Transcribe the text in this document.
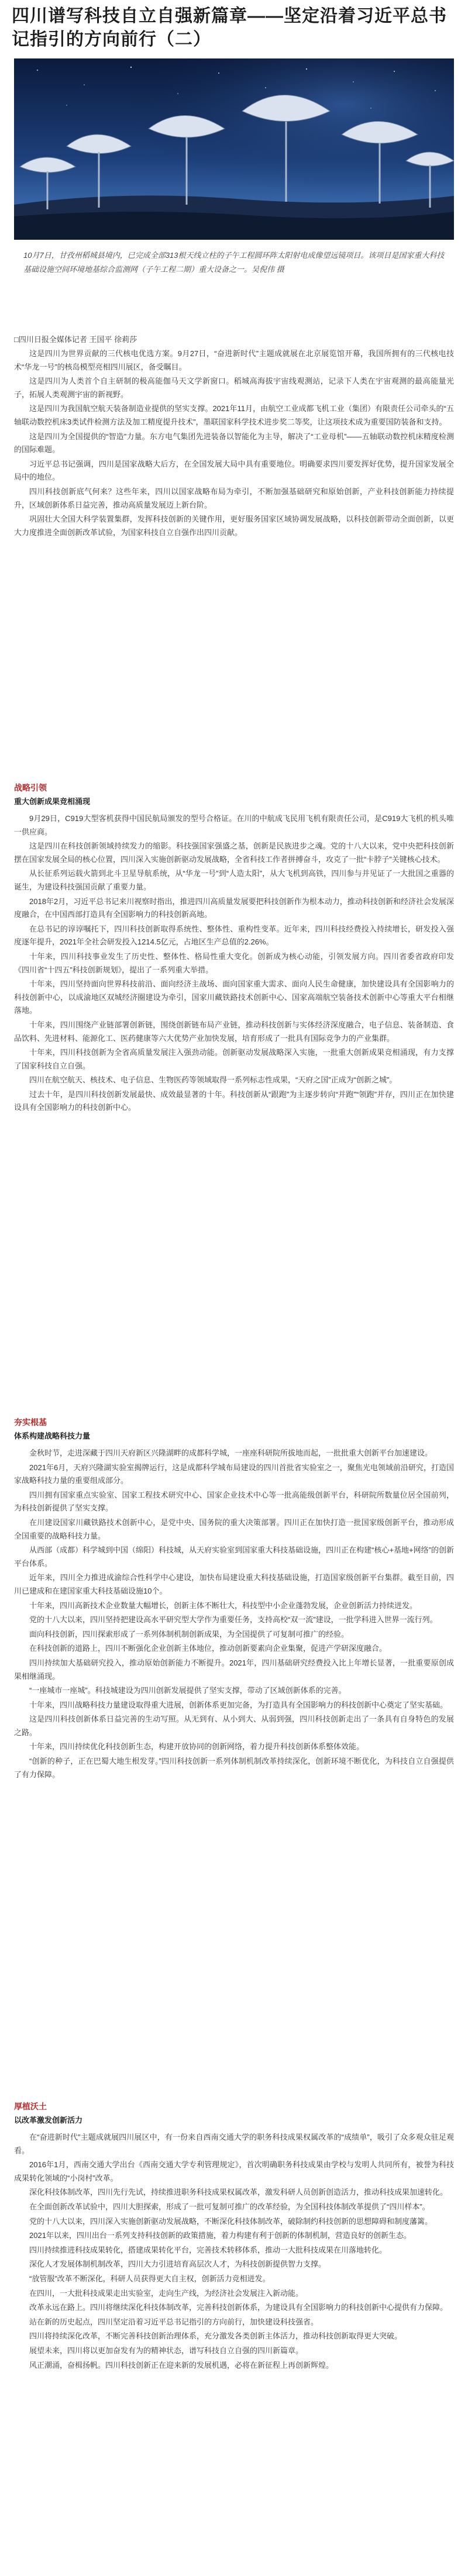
四川谱写科技自立自强新篇章——坚定沿着习近平总书记指引的方向前行（二）
10月7日，甘孜州稻城县境内，已完成全部313根天线立柱的子午工程圆环阵太阳射电成像望远镜项目。该项目是国家重大科技基础设施空间环境地基综合监测网（子午工程二期）重大设备之一。吴倪伟 摄
□四川日报全媒体记者 王国平 徐莉莎

这是四川为世界贡献的三代核电优选方案。9月27日，“奋进新时代”主题成就展在北京展览馆开幕，我国所拥有的三代核电技术“华龙一号”的核岛模型亮相四川展区，备受瞩目。

这是四川为人类首个自主研制的极高能伽马天文学新窗口。稻城高海拔宇宙线观测站，记录下人类在宇宙观测的最高能量光子，拓展人类观测宇宙的新视野。

这是四川为我国航空航天装备制造业提供的坚实支撑。2021年11月，由航空工业成都飞机工业（集团）有限责任公司牵头的“五轴联动数控机床3类试件检测方法及加工精度提升技术”，墨联国家科学技术进步奖二等奖，让这项技术成为重要国防装备和支持。

这是四川为全国提供的“智造”力量。东方电气集团先进装备以智能化为主导，解决了“工业母机”——五轴联动数控机床精度检测的国际难题。

习近平总书记强调，四川是国家战略大后方，在全国发展大局中具有重要地位。明确要求四川要发挥好优势，提升国家发展全局中的地位。

四川科技创新底气何来？这些年来，四川以国家战略布局为牵引，不断加强基础研究和原始创新，产业科技创新能力持续提升，区域创新体系日益完善，推动高质量发展迈上新台阶。

巩固壮大全国大科学装置集群，发挥科技创新的关键作用，更好服务国家区域协调发展战略，以科技创新带动全面创新，以更大力度推进全面创新改革试验，为国家科技自立自强作出四川贡献。

战略引领
重大创新成果竞相涌现

9月29日，C919大型客机获得中国民航局颁发的型号合格证。在川的中航成飞民用飞机有限责任公司，是C919大飞机的机头唯一供应商。

这是四川在科技创新领域持续发力的缩影。科技强国家强盛之基，创新是民族进步之魂。党的十八大以来，党中央把科技创新摆在国家发展全局的核心位置，四川深入实施创新驱动发展战略，全省科技工作者拼搏奋斗，攻克了一批“卡脖子”关键核心技术。

从长征系列运载火箭到北斗卫星导航系统，从“华龙一号”到“人造太阳”，从大飞机到高铁，四川参与并见证了一大批国之重器的诞生，为建设科技强国贡献了重要力量。

2018年2月，习近平总书记来川视察时指出，推进四川高质量发展要把科技创新作为根本动力，推动科技创新和经济社会发展深度融合，在中国西部打造具有全国影响力的科技创新高地。

在总书记的谆谆嘱托下，四川科技创新取得系统性、整体性、重构性变革。近年来，四川科技经费投入持续增长，研发投入强度逐年提升，2021年全社会研发投入1214.5亿元，占地区生产总值的2.26%。

十年来，四川科技事业发生了历史性、整体性、格局性重大变化。创新成为核心动能，引领发展方向。四川省委省政府印发《四川省“十四五”科技创新规划》，提出了一系列重大举措。

十年来，四川坚持面向世界科技前沿、面向经济主战场、面向国家重大需求、面向人民生命健康，加快建设具有全国影响力的科技创新中心，以成渝地区双城经济圈建设为牵引，国家川藏铁路技术创新中心、国家高端航空装备技术创新中心等重大平台相继落地。

十年来，四川围绕产业链部署创新链，围绕创新链布局产业链，推动科技创新与实体经济深度融合，电子信息、装备制造、食品饮料、先进材料、能源化工、医药健康等六大优势产业加快发展，培育形成了一批具有国际竞争力的产业集群。

十年来，四川科技创新为全省高质量发展注入强劲动能。创新驱动发展战略深入实施，一批重大创新成果竞相涌现，有力支撑了国家科技自立自强。

四川在航空航天、核技术、电子信息、生物医药等领域取得一系列标志性成果，“天府之国”正成为“创新之城”。

过去十年，是四川科技创新发展最快、成效最显著的十年。科技创新从“跟跑”为主逐步转向“并跑”“领跑”并存，四川正在加快建设具有全国影响力的科技创新中心。

夯实根基
体系构建战略科技力量

金秋时节，走进深藏于四川天府新区兴隆湖畔的成都科学城，一座座科研院所拔地而起，一批批重大创新平台加速建设。

2021年6月，天府兴隆湖实验室揭牌运行，这是成都科学城布局建设的四川首批省实验室之一，聚焦光电领域前沿研究，打造国家战略科技力量的重要组成部分。

四川拥有国家重点实验室、国家工程技术研究中心、国家企业技术中心等一批高能级创新平台，科研院所数量位居全国前列，为科技创新提供了坚实支撑。

在川建设国家川藏铁路技术创新中心，是党中央、国务院的重大决策部署。四川正在加快打造一批国家级创新平台，推动形成全国重要的战略科技力量。

从西部（成都）科学城到中国（绵阳）科技城，从天府实验室到国家重大科技基础设施，四川正在构建“核心+基地+网络”的创新平台体系。

近年来，四川全力推进成渝综合性科学中心建设，加快布局建设重大科技基础设施，打造国家级创新平台集群。截至目前，四川已建成和在建国家重大科技基础设施10个。

十年来，四川高新技术企业数量大幅增长，创新主体不断壮大，科技型中小企业蓬勃发展，企业创新活力持续迸发。

党的十八大以来，四川坚持把建设高水平研究型大学作为重要任务，支持高校“双一流”建设，一批学科进入世界一流行列。

面向科技创新，四川探索形成了一系列体制机制创新成果，为全国提供了可复制可推广的经验。

在科技创新的道路上，四川不断强化企业创新主体地位，推动创新要素向企业集聚，促进产学研深度融合。

四川持续加大基础研究投入，推动原始创新能力不断提升。2021年，四川基础研究经费投入比上年增长显著，一批重要原创成果相继涌现。

“一座城市一座城”。科技城建设为四川创新发展提供了坚实支撑，带动了区域创新体系的完善。

十年来，四川战略科技力量建设取得重大进展，创新体系更加完备，为打造具有全国影响力的科技创新中心奠定了坚实基础。

这是四川科技创新体系日益完善的生动写照。从无到有、从小到大、从弱到强，四川科技创新走出了一条具有自身特色的发展之路。

十年来，四川持续优化科技创新生态，构建开放协同的创新网络，着力提升科技创新体系整体效能。

“创新的种子，正在巴蜀大地生根发芽。”四川科技创新一系列体制机制改革持续深化，创新环境不断优化，为科技自立自强提供了有力保障。

厚植沃土
以改革激发创新活力

在“奋进新时代”主题成就展四川展区中，有一份来自西南交通大学的职务科技成果权属改革的“成绩单”，吸引了众多观众驻足观看。

2016年1月，西南交通大学出台《西南交通大学专利管理规定》，首次明确职务科技成果由学校与发明人共同所有，被誉为科技成果转化领域的“小岗村”改革。

深化科技体制改革，四川先行先试，持续推进职务科技成果权属改革，激发科研人员创新创造活力，推动科技成果加速转化。

在全面创新改革试验中，四川大胆探索，形成了一批可复制可推广的改革经验，为全国科技体制改革提供了“四川样本”。

党的十八大以来，四川深入实施创新驱动发展战略，不断深化科技体制改革，破除制约科技创新的思想障碍和制度藩篱。

2021年以来，四川出台一系列支持科技创新的政策措施，着力构建有利于创新的体制机制，营造良好的创新生态。

四川持续推进科技成果转化，搭建成果转化平台，完善技术转移体系，推动一大批科技成果在川落地转化。

深化人才发展体制机制改革，四川大力引进培育高层次人才，为科技创新提供智力支撑。

“放管服”改革不断深化，科研人员获得更大自主权，创新活力竞相迸发。

在四川，一大批科技成果走出实验室，走向生产线，为经济社会发展注入新动能。

改革永远在路上。四川将继续深化科技体制改革，完善科技创新体系，为建设具有全国影响力的科技创新中心提供有力保障。

站在新的历史起点，四川坚定沿着习近平总书记指引的方向前行，加快建设科技强省。

四川将持续深化改革，不断完善科技创新治理体系，充分激发各类创新主体活力，推动科技创新取得更大突破。

展望未来，四川将以更加奋发有为的精神状态，谱写科技自立自强的四川新篇章。

风正潮涌，奋楫扬帆。四川科技创新正在迎来新的发展机遇，必将在新征程上再创新辉煌。
